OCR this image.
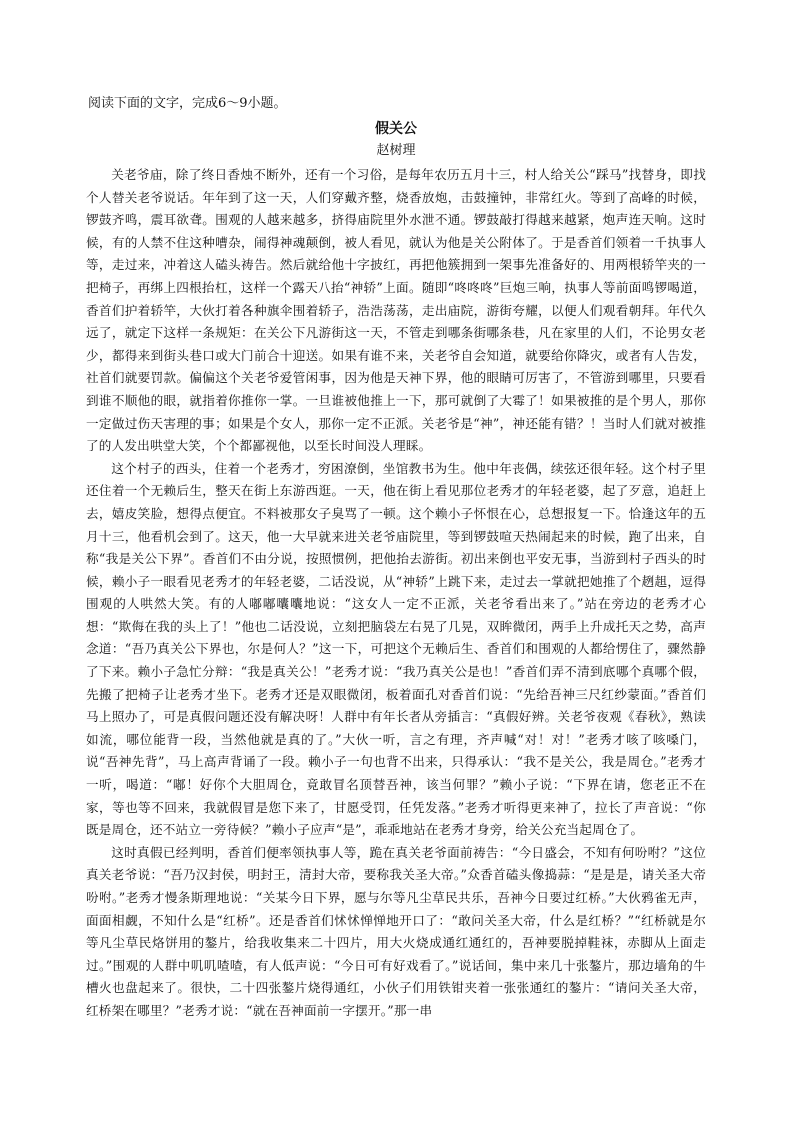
阅读下面的文字，完成6～9小题。

假关公

赵树理

关老爷庙，除了终日香烛不断外，还有一个习俗，是每年农历五月十三，村人给关公“踩马”找替身，即找个人替关老爷说话。年年到了这一天，人们穿戴齐整，烧香放炮，击鼓撞钟，非常红火。等到了高峰的时候，锣鼓齐鸣，震耳欲聋。围观的人越来越多，挤得庙院里外水泄不通。锣鼓敲打得越来越紧，炮声连天响。这时候，有的人禁不住这种嘈杂，闹得神魂颠倒，被人看见，就认为他是关公附体了。于是香首们领着一千执事人等，走过来，冲着这人磕头祷告。然后就给他十字披红，再把他簇拥到一架事先准备好的、用两根轿竿夹的一把椅子，再绑上四根抬杠，这样一个露天八抬“神轿”上面。随即“咚咚咚”巨炮三响，执事人等前面鸣锣喝道，香首们护着轿竿，大伙打着各种旗伞围着轿子，浩浩荡荡，走出庙院，游街夸耀，以便人们观看朝拜。年代久远了，就定下这样一条规矩：在关公下凡游街这一天，不管走到哪条街哪条巷，凡在家里的人们，不论男女老少，都得来到街头巷口或大门前合十迎送。如果有谁不来，关老爷自会知道，就要给你降灾，或者有人告发，社首们就要罚款。偏偏这个关老爷爱管闲事，因为他是天神下界，他的眼睛可厉害了，不管游到哪里，只要看到谁不顺他的眼，就指着你推你一掌。一旦谁被他推上一下，那可就倒了大霉了！如果被推的是个男人，那你一定做过伤天害理的事；如果是个女人，那你一定不正派。关老爷是“神”，神还能有错？！当时人们就对被推了的人发出哄堂大笑，个个都鄙视他，以至长时间没人理睬。

这个村子的西头，住着一个老秀才，穷困潦倒，坐馆教书为生。他中年丧偶，续弦还很年轻。这个村子里还住着一个无赖后生，整天在街上东游西逛。一天，他在街上看见那位老秀才的年轻老婆，起了歹意，追赶上去，嬉皮笑脸，想得点便宜。不料被那女子臭骂了一顿。这个赖小子怀恨在心，总想报复一下。恰逢这年的五月十三，他看机会到了。这天，他一大早就来进关老爷庙院里，等到锣鼓喧天热闹起来的时候，跑了出来，自称“我是关公下界”。香首们不由分说，按照惯例，把他抬去游街。初出来倒也平安无事，当游到村子西头的时候，赖小子一眼看见老秀才的年轻老婆，二话没说，从“神轿”上跳下来，走过去一掌就把她推了个趔趄，逗得围观的人哄然大笑。有的人嘟嘟囔囔地说：“这女人一定不正派，关老爷看出来了。”站在旁边的老秀才心想：“欺侮在我的头上了！”他也二话没说，立刻把脑袋左右晃了几晃，双眸微闭，两手上升成托天之势，高声念道：“吾乃真关公下界也，尔是何人？”这一下，可把这个无赖后生、香首们和围观的人都给愣住了，骤然静了下来。赖小子急忙分辩：“我是真关公！”老秀才说：“我乃真关公是也！”香首们弄不清到底哪个真哪个假，先搬了把椅子让老秀才坐下。老秀才还是双眼微闭，板着面孔对香首们说：“先给吾神三尺红纱蒙面。”香首们马上照办了，可是真假问题还没有解决呀！人群中有年长者从旁插言：“真假好辨。关老爷夜观《春秋》，熟读如流，哪位能背一段，当然他就是真的了。”大伙一听，言之有理，齐声喊“对！对！”老秀才咳了咳嗓门，说“吾神先背”，马上高声背诵了一段。赖小子一句也背不出来，只得承认：“我不是关公，我是周仓。”老秀才一听，喝道：“嘟！好你个大胆周仓，竟敢冒名顶替吾神，该当何罪？”赖小子说：“下界在请，您老正不在家，等也等不回来，我就假冒是您下来了，甘愿受罚，任凭发落。”老秀才听得更来神了，拉长了声音说：“你既是周仓，还不站立一旁待候？”赖小子应声“是”，乖乖地站在老秀才身旁，给关公充当起周仓了。

这时真假已经判明，香首们便率领执事人等，跪在真关老爷面前祷告：“今日盛会，不知有何吩咐？”这位真关老爷说：“吾乃汉封侯，明封王，清封大帝，要称我关圣大帝。”众香首磕头像捣蒜：“是是是，请关圣大帝吩咐。”老秀才慢条斯理地说：“关某今日下界，愿与尔等凡尘草民共乐，吾神今日要过红桥。”大伙鸦雀无声，面面相觑，不知什么是“红桥”。还是香首们怵怵惮惮地开口了：“敢问关圣大帝，什么是红桥？”“红桥就是尔等凡尘草民烙饼用的鏊片，给我收集来二十四片，用大火烧成通红通红的，吾神要脱掉鞋袜，赤脚从上面走过。”围观的人群中叽叽喳喳，有人低声说：“今日可有好戏看了。”说话间，集中来几十张鏊片，那边墙角的牛槽火也盘起来了。很快，二十四张鏊片烧得通红，小伙子们用铁钳夹着一张张通红的鏊片：“请问关圣大帝，红桥架在哪里？”老秀才说：“就在吾神面前一字摆开。”那一串
